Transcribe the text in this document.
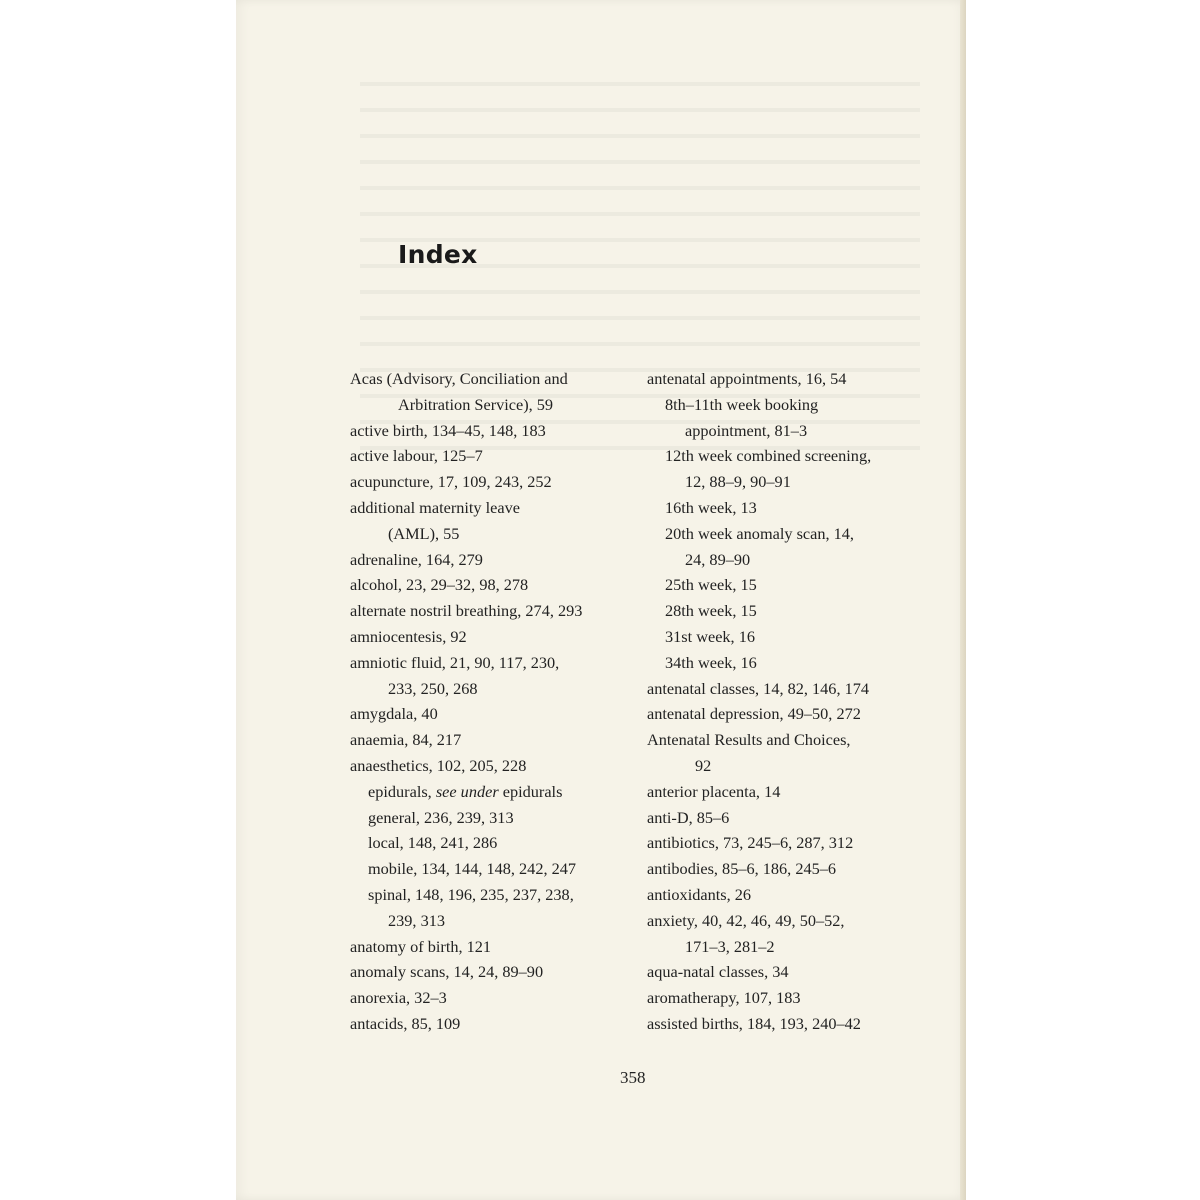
Index
Acas (Advisory, Conciliation and
Arbitration Service), 59
active birth, 134–45, 148, 183
active labour, 125–7
acupuncture, 17, 109, 243, 252
additional maternity leave
(AML), 55
adrenaline, 164, 279
alcohol, 23, 29–32, 98, 278
alternate nostril breathing, 274, 293
amniocentesis, 92
amniotic fluid, 21, 90, 117, 230,
233, 250, 268
amygdala, 40
anaemia, 84, 217
anaesthetics, 102, 205, 228
epidurals, see under epidurals
general, 236, 239, 313
local, 148, 241, 286
mobile, 134, 144, 148, 242, 247
spinal, 148, 196, 235, 237, 238,
239, 313
anatomy of birth, 121
anomaly scans, 14, 24, 89–90
anorexia, 32–3
antacids, 85, 109
antenatal appointments, 16, 54
8th–11th week booking
appointment, 81–3
12th week combined screening,
12, 88–9, 90–91
16th week, 13
20th week anomaly scan, 14,
24, 89–90
25th week, 15
28th week, 15
31st week, 16
34th week, 16
antenatal classes, 14, 82, 146, 174
antenatal depression, 49–50, 272
Antenatal Results and Choices,
92
anterior placenta, 14
anti-D, 85–6
antibiotics, 73, 245–6, 287, 312
antibodies, 85–6, 186, 245–6
antioxidants, 26
anxiety, 40, 42, 46, 49, 50–52,
171–3, 281–2
aqua-natal classes, 34
aromatherapy, 107, 183
assisted births, 184, 193, 240–42
358
